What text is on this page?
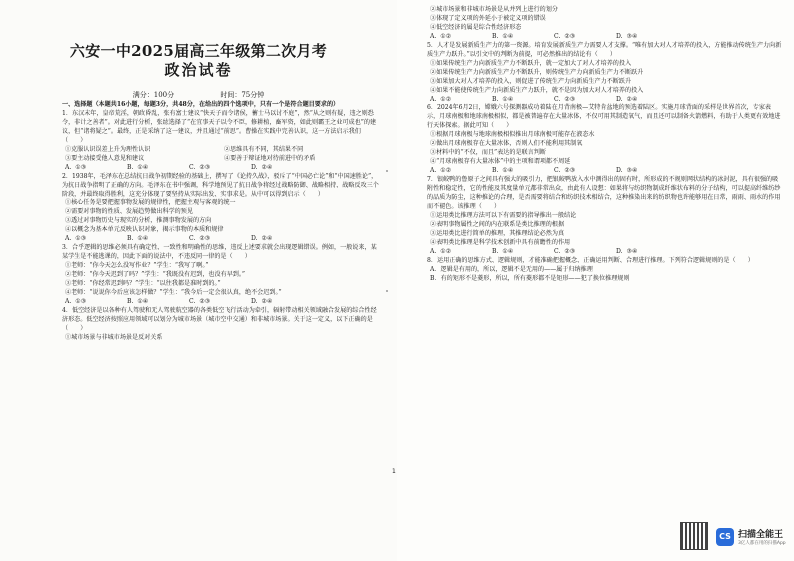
六安一中2025届高三年级第二次月考
政治试卷
满分：100分	时间：75分钟

一、选择题（本题共16小题，每题3分，共48分，在给出的四个选项中，只有一个是符合题目要求的）

1．东汉末年，皇帝荒淫，朝政昏乱，张有富士建议“快天子而令诸侯，蓄士马以讨不庭”，然“从之则有疑，违之则恐令，非计之善者”。对此进行分析，张纮选择了“在宜事天子以令不臣，修耕植，畜军资，如此则霸王之业可成也”的建议，但“诸将疑之”。最终，正是采纳了这一建议，并且通过“前思”。曹操在实践中完善认识，这一方法启示我们（　　）

①克服认识误差上升为理性认识	②思维具有不同，其结果不同

③要主动接受他人意见和建议	④要善于辩证地对待前进中的矛盾

A. ①③	B. ①④	C. ②③	D. ②④

2．1938年，毛泽东在总结抗日战争初期经验的基础上，撰写了《论持久战》，驳斥了“中国必亡论”和“中国速胜论”，为抗日战争指明了正确的方向。毛泽东在书中强调，科学地预见了抗日战争将经过战略防御、战略相持、战略反攻三个阶段，并最终取得胜利，这充分体现了要坚持从实际出发、实事求是。从中可以得到启示（　　）

①核心任务是要把握事物发展的规律性，把握主观与客观的统一

②需要对事物的性质、发展趋势做出科学的预见

③透过对事物历史与现实的分析，推测事物发展的方向

④以概念为基本单元反映认识对象，揭示事物的本质和规律

A. ①③	B. ①④	C. ②③	D. ②④

3．合乎逻辑的思维必须具有确定性、一致性和明确性的思维，违反上述要求就会出现逻辑错误。例如，一般说来，某某学生是不能逃课的，因此下面的说法中，不违反同一律的是（　　）

①老师：“你今天怎么没写作业？”学生：“我写了啊。”

②老师：“你今天迟到了吗？”学生：“我既没有迟到，也没有早到。”

③老师：“你经常迟到吗？”学生：“以往我都是准时到的。”

④老师：“说说你今后应该怎样做？”学生：“我今后一定会很认真，绝不会迟到。”

A. ①③	B. ①④	C. ②③	D. ②④

4．低空经济是以各种有人驾驶和无人驾驶航空器的各类低空飞行活动为牵引，辐射带动相关领域融合发展的综合性经济形态。低空经济按照应用领域可以划分为城市场景（城市空中交通）和非城市场景。关于这一定义，以下正确的是（　　）

①城市场景与非城市场景是反对关系

1

②城市场景和非城市场景是从并列上进行的划分

③体现了定义项的外延小于被定义项的错误

④低空经济的属是综合性经济形态

A. ①②	B. ①④	C. ②③	D. ③④

5．人才是发展新质生产力的第一资源。培育发展新质生产力需要人才支撑。“唯有加大对人才培养的投入，方能推动传统生产力向新质生产力跃升。”以引文中的判断为前提，可必然推出的结论有（　　）

①如果传统生产力向新质生产力不断跃升，就一定加大了对人才培养的投入

②如果传统生产力向新质生产力不断跃升，则传统生产力向新质生产力不断跃升

③如果加大对人才培养的投入，则促进了传统生产力向新质生产力不断跃升

④如果不能使传统生产力向新质生产力跃升，就不是因为加大对人才培养的投入

A. ①②	B. ①④	C. ②③	D. ②④

6．2024年6月2日，嫦娥六号探测器成功着陆在月背南极—艾特肯盆地的预选着陆区。实施月球背面的采样是世界首次，专家表示，月球南极和地球南极相似，都是被普遍存在大量冰体，不仅可用其制造氧气，而且还可以制备火箭燃料，有助于人类更有效地进行天体探索。据此可知（　　）

①根据月球南极与地球南极相似推出月球南极可能存在液态水

②做出月球南极存在大量冰体，否则人们不能利用其制氧

③材料中的“不仅，而且”表达的是联言判断

④“月球南极存有大量冰体”中的主项和谓项都不周延

A. ①②	B. ①④	C. ②③	D. ③④

7．银鲛鸭的鲁原子之间具有强大的吸引力，把银鲛鸭放入水中测得出的固有时，所形成的不规则网状结构的冰封泥，具有很强的吸附性和稳定性，它的性能及其度量单元都非常出众，由此有人设想：如果将与纺织物制成纤维状布料的分子结构，可以提高纤维纺纱的品质为防尘，这种推论的合理，是否需要将结合和纺织技术相结合，这种推染出来的纺织物也许能够用在日常，雨雨、雨水的作用而不褪色。该推理（　　）

①运用类比推理方法可以下有需要的指导推出一般结论

②表明事物属性之间的内在联系是类比推理的根据

③运用类比进行简单的推理，其推理结论必然为真

④表明类比推理是科学技术创新中具有前瞻性的作用

A. ①②	B. ①④	C. ②③	D. ③④

8．运用正确的思维方式、逻辑规则，才能准确把握概念、正确运用判断、合理进行推理。下列符合逻辑规则的是（　　）

A．逻辑是有用的，所以，逻辑不是无用的——属于归纳推理

B．有的矩形不是菱形，所以，所有菱形都不是矩形——犯了换位推理规则

CS 扫描全能王
3亿人都在用的扫描App
